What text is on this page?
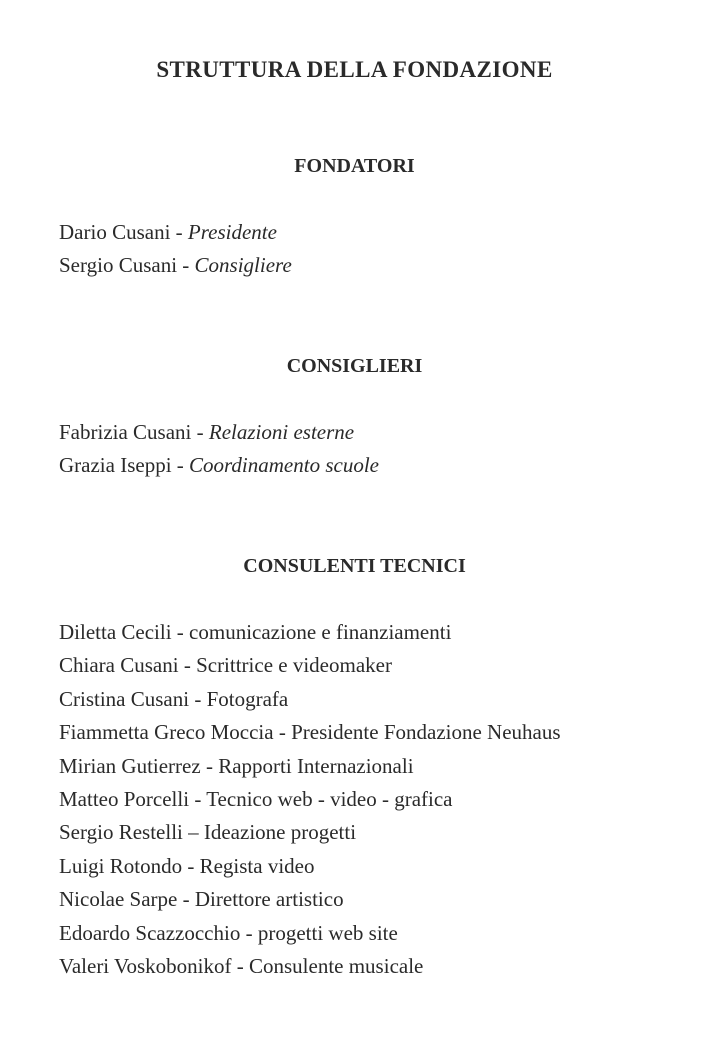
STRUTTURA DELLA FONDAZIONE
FONDATORI
Dario Cusani - Presidente
Sergio Cusani - Consigliere
CONSIGLIERI
Fabrizia Cusani - Relazioni esterne
Grazia Iseppi - Coordinamento scuole
CONSULENTI TECNICI
Diletta Cecili - comunicazione e finanziamenti
Chiara Cusani - Scrittrice e videomaker
Cristina Cusani - Fotografa
Fiammetta Greco Moccia - Presidente Fondazione Neuhaus
Mirian Gutierrez - Rapporti Internazionali
Matteo Porcelli - Tecnico web - video - grafica
Sergio Restelli – Ideazione progetti
Luigi Rotondo - Regista video
Nicolae Sarpe - Direttore artistico
Edoardo Scazzocchio - progetti web site
Valeri Voskobonikof - Consulente musicale
